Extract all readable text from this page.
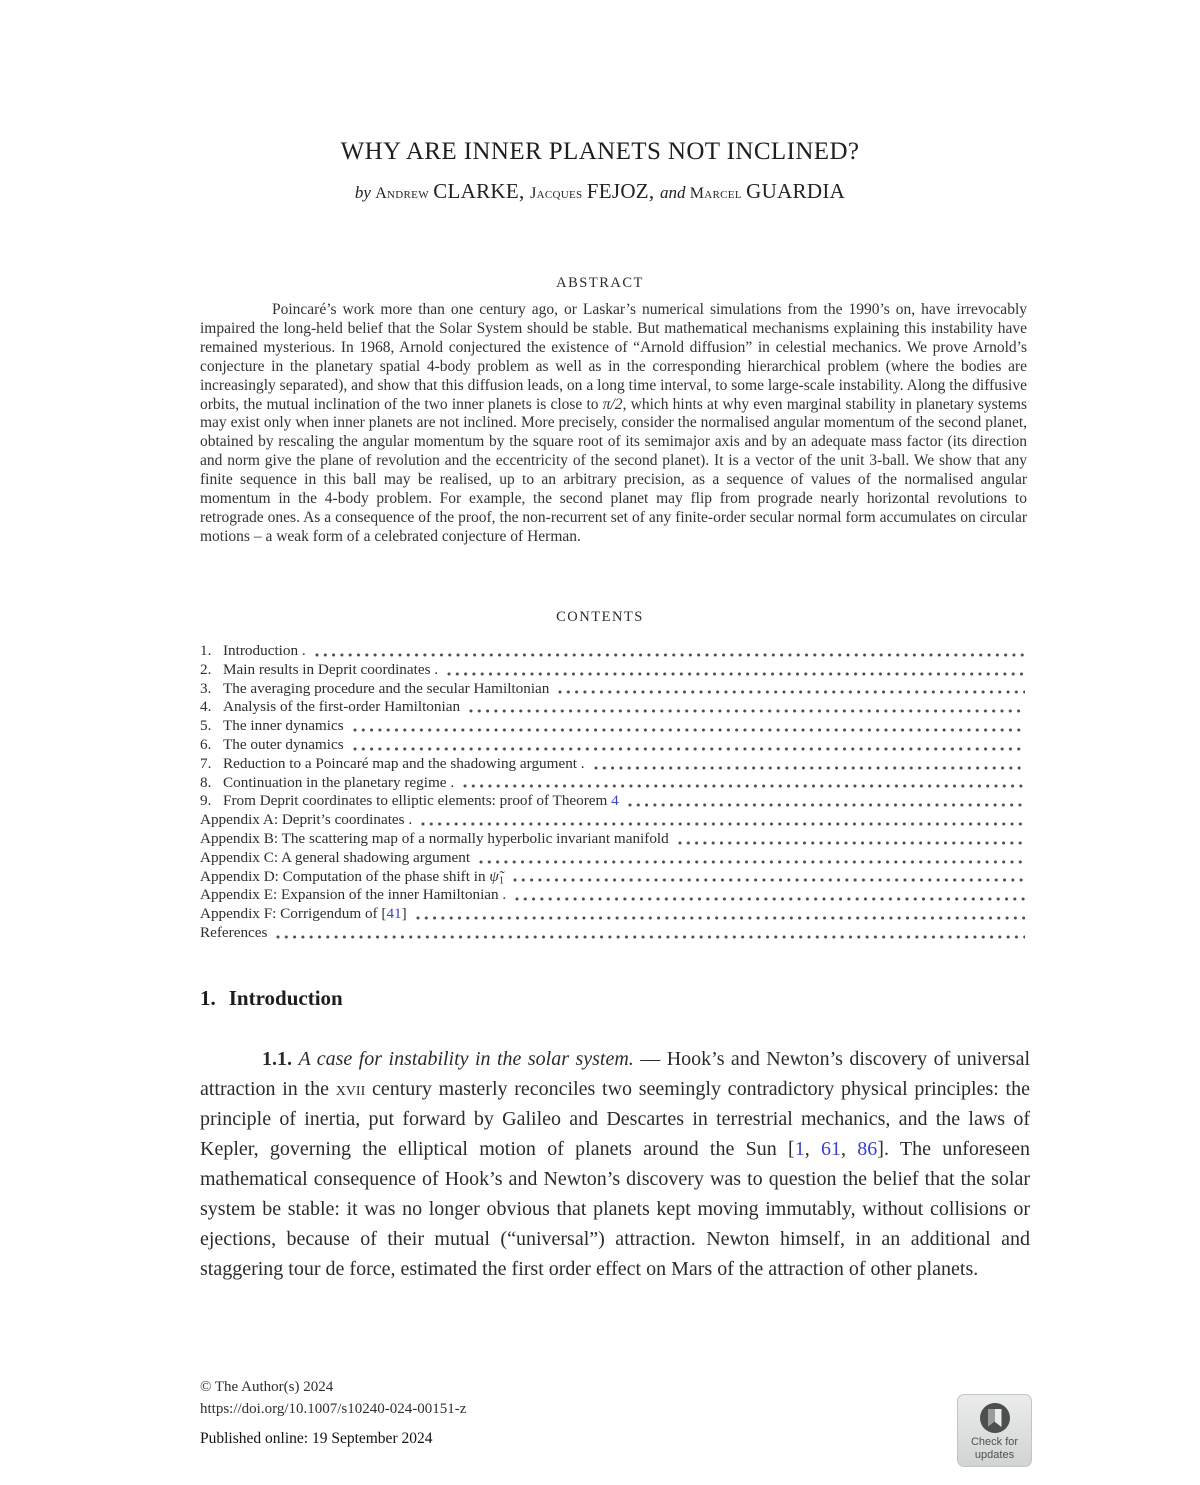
WHY ARE INNER PLANETS NOT INCLINED?
by Andrew CLARKE, Jacques FEJOZ, and Marcel GUARDIA
ABSTRACT
Poincaré’s work more than one century ago, or Laskar’s numerical simulations from the 1990’s on, have irrevocably impaired the long-held belief that the Solar System should be stable. But mathematical mechanisms explaining this instability have remained mysterious. In 1968, Arnold conjectured the existence of “Arnold diffusion” in celestial mechanics. We prove Arnold’s conjecture in the planetary spatial 4-body problem as well as in the corresponding hierarchical problem (where the bodies are increasingly separated), and show that this diffusion leads, on a long time interval, to some large-scale instability. Along the diffusive orbits, the mutual inclination of the two inner planets is close to π/2, which hints at why even marginal stability in planetary systems may exist only when inner planets are not inclined. More precisely, consider the normalised angular momentum of the second planet, obtained by rescaling the angular momentum by the square root of its semimajor axis and by an adequate mass factor (its direction and norm give the plane of revolution and the eccentricity of the second planet). It is a vector of the unit 3-ball. We show that any finite sequence in this ball may be realised, up to an arbitrary precision, as a sequence of values of the normalised angular momentum in the 4-body problem. For example, the second planet may flip from prograde nearly horizontal revolutions to retrograde ones. As a consequence of the proof, the non-recurrent set of any finite-order secular normal form accumulates on circular motions – a weak form of a celebrated conjecture of Herman.
CONTENTS
1. Introduction .
2. Main results in Deprit coordinates .
3. The averaging procedure and the secular Hamiltonian
4. Analysis of the first-order Hamiltonian
5. The inner dynamics
6. The outer dynamics
7. Reduction to a Poincaré map and the shadowing argument .
8. Continuation in the planetary regime .
9. From Deprit coordinates to elliptic elements: proof of Theorem 4
Appendix A: Deprit’s coordinates .
Appendix B: The scattering map of a normally hyperbolic invariant manifold
Appendix C: A general shadowing argument
Appendix D: Computation of the phase shift in $\psĩ_1$
Appendix E: Expansion of the inner Hamiltonian .
Appendix F: Corrigendum of [41]
References
1. Introduction
1.1. A case for instability in the solar system. — Hook’s and Newton’s discovery of universal attraction in the xvii century masterly reconciles two seemingly contradictory physical principles: the principle of inertia, put forward by Galileo and Descartes in terrestrial mechanics, and the laws of Kepler, governing the elliptical motion of planets around the Sun [1, 61, 86]. The unforeseen mathematical consequence of Hook’s and Newton’s discovery was to question the belief that the solar system be stable: it was no longer obvious that planets kept moving immutably, without collisions or ejections, because of their mutual (“universal”) attraction. Newton himself, in an additional and staggering tour de force, estimated the first order effect on Mars of the attraction of other planets.
© The Author(s) 2024
https://doi.org/10.1007/s10240-024-00151-z
Published online: 19 September 2024	Check for
updates
